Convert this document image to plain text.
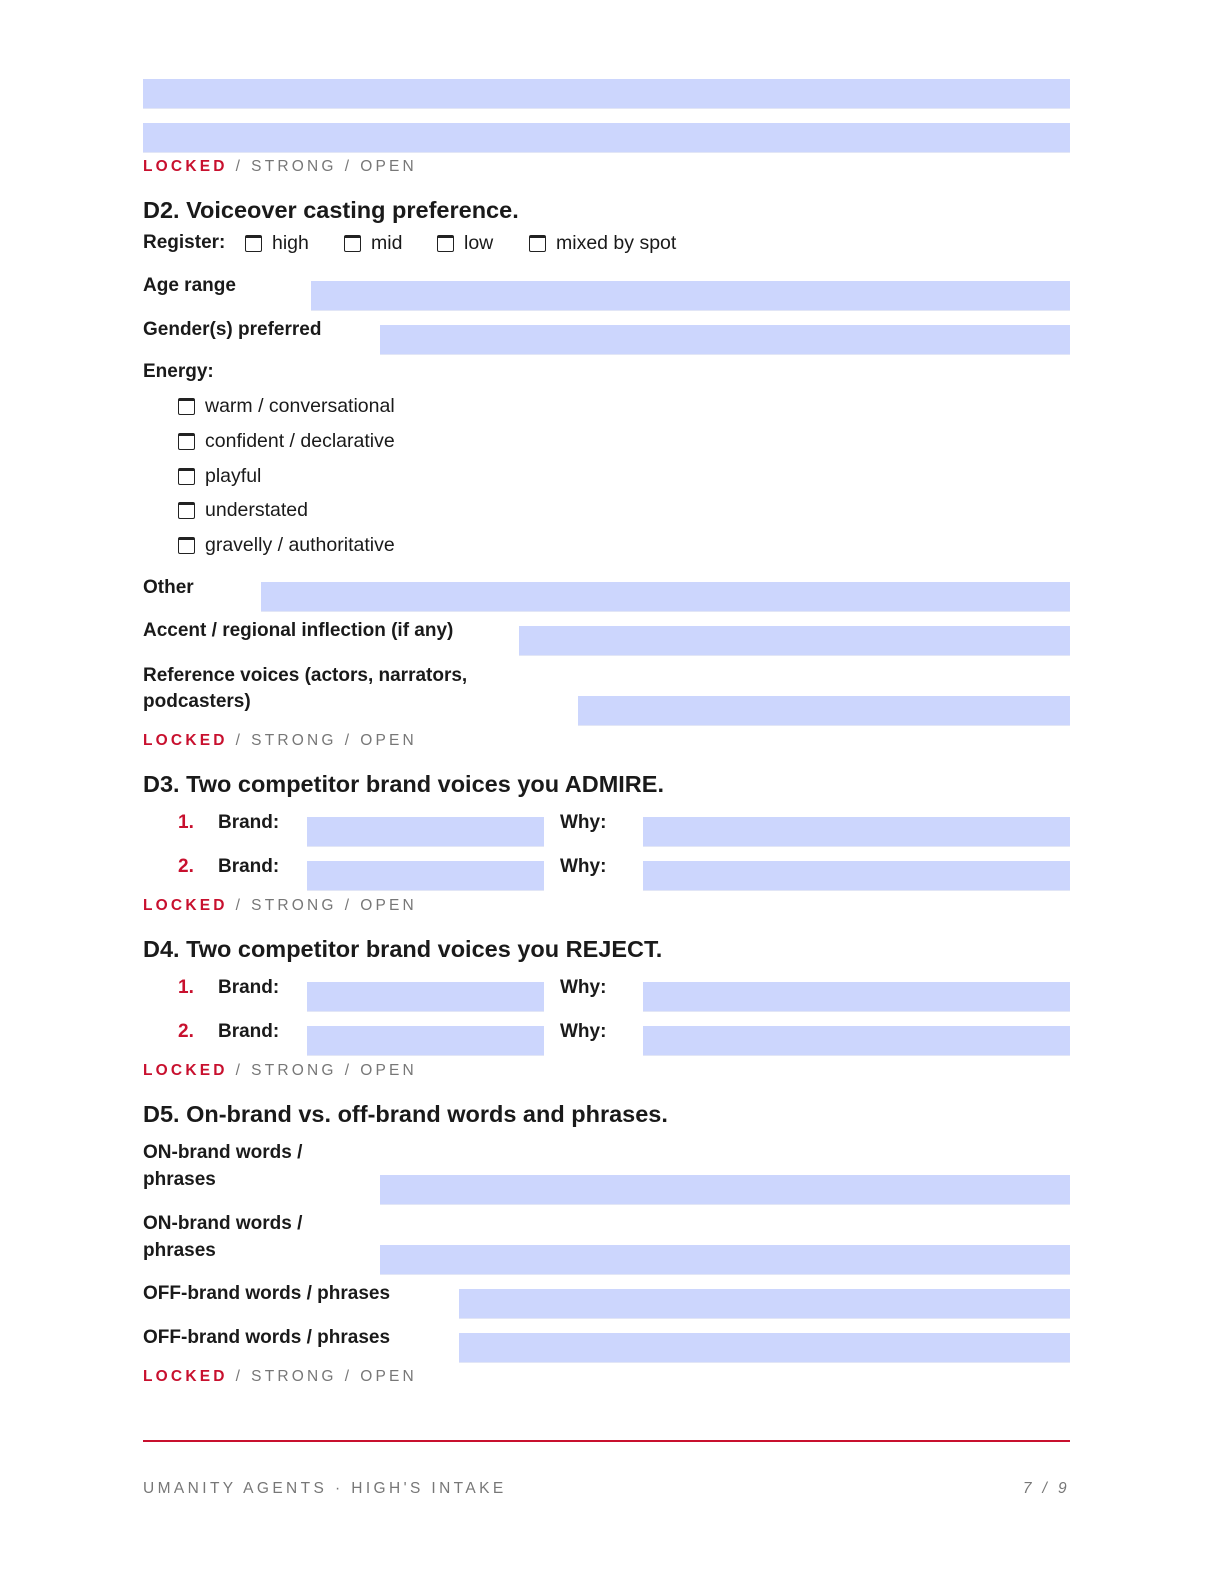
LOCKED / STRONG / OPEN
D2. Voiceover casting preference.
Register:	high	mid	low	mixed by spot
Age range
Gender(s) preferred
Energy:
warm / conversational
confident / declarative
playful
understated
gravelly / authoritative
Other
Accent / regional inflection (if any)
Reference voices (actors, narrators,
podcasters)
LOCKED / STRONG / OPEN
D3. Two competitor brand voices you ADMIRE.
1. Brand:	Why:
2. Brand:	Why:
LOCKED / STRONG / OPEN
D4. Two competitor brand voices you REJECT.
1. Brand:	Why:
2. Brand:	Why:
LOCKED / STRONG / OPEN
D5. On-brand vs. off-brand words and phrases.
ON-brand words /
phrases
ON-brand words /
phrases
OFF-brand words / phrases
OFF-brand words / phrases
LOCKED / STRONG / OPEN
UMANITY AGENTS · HIGH'S INTAKE	7 / 9
